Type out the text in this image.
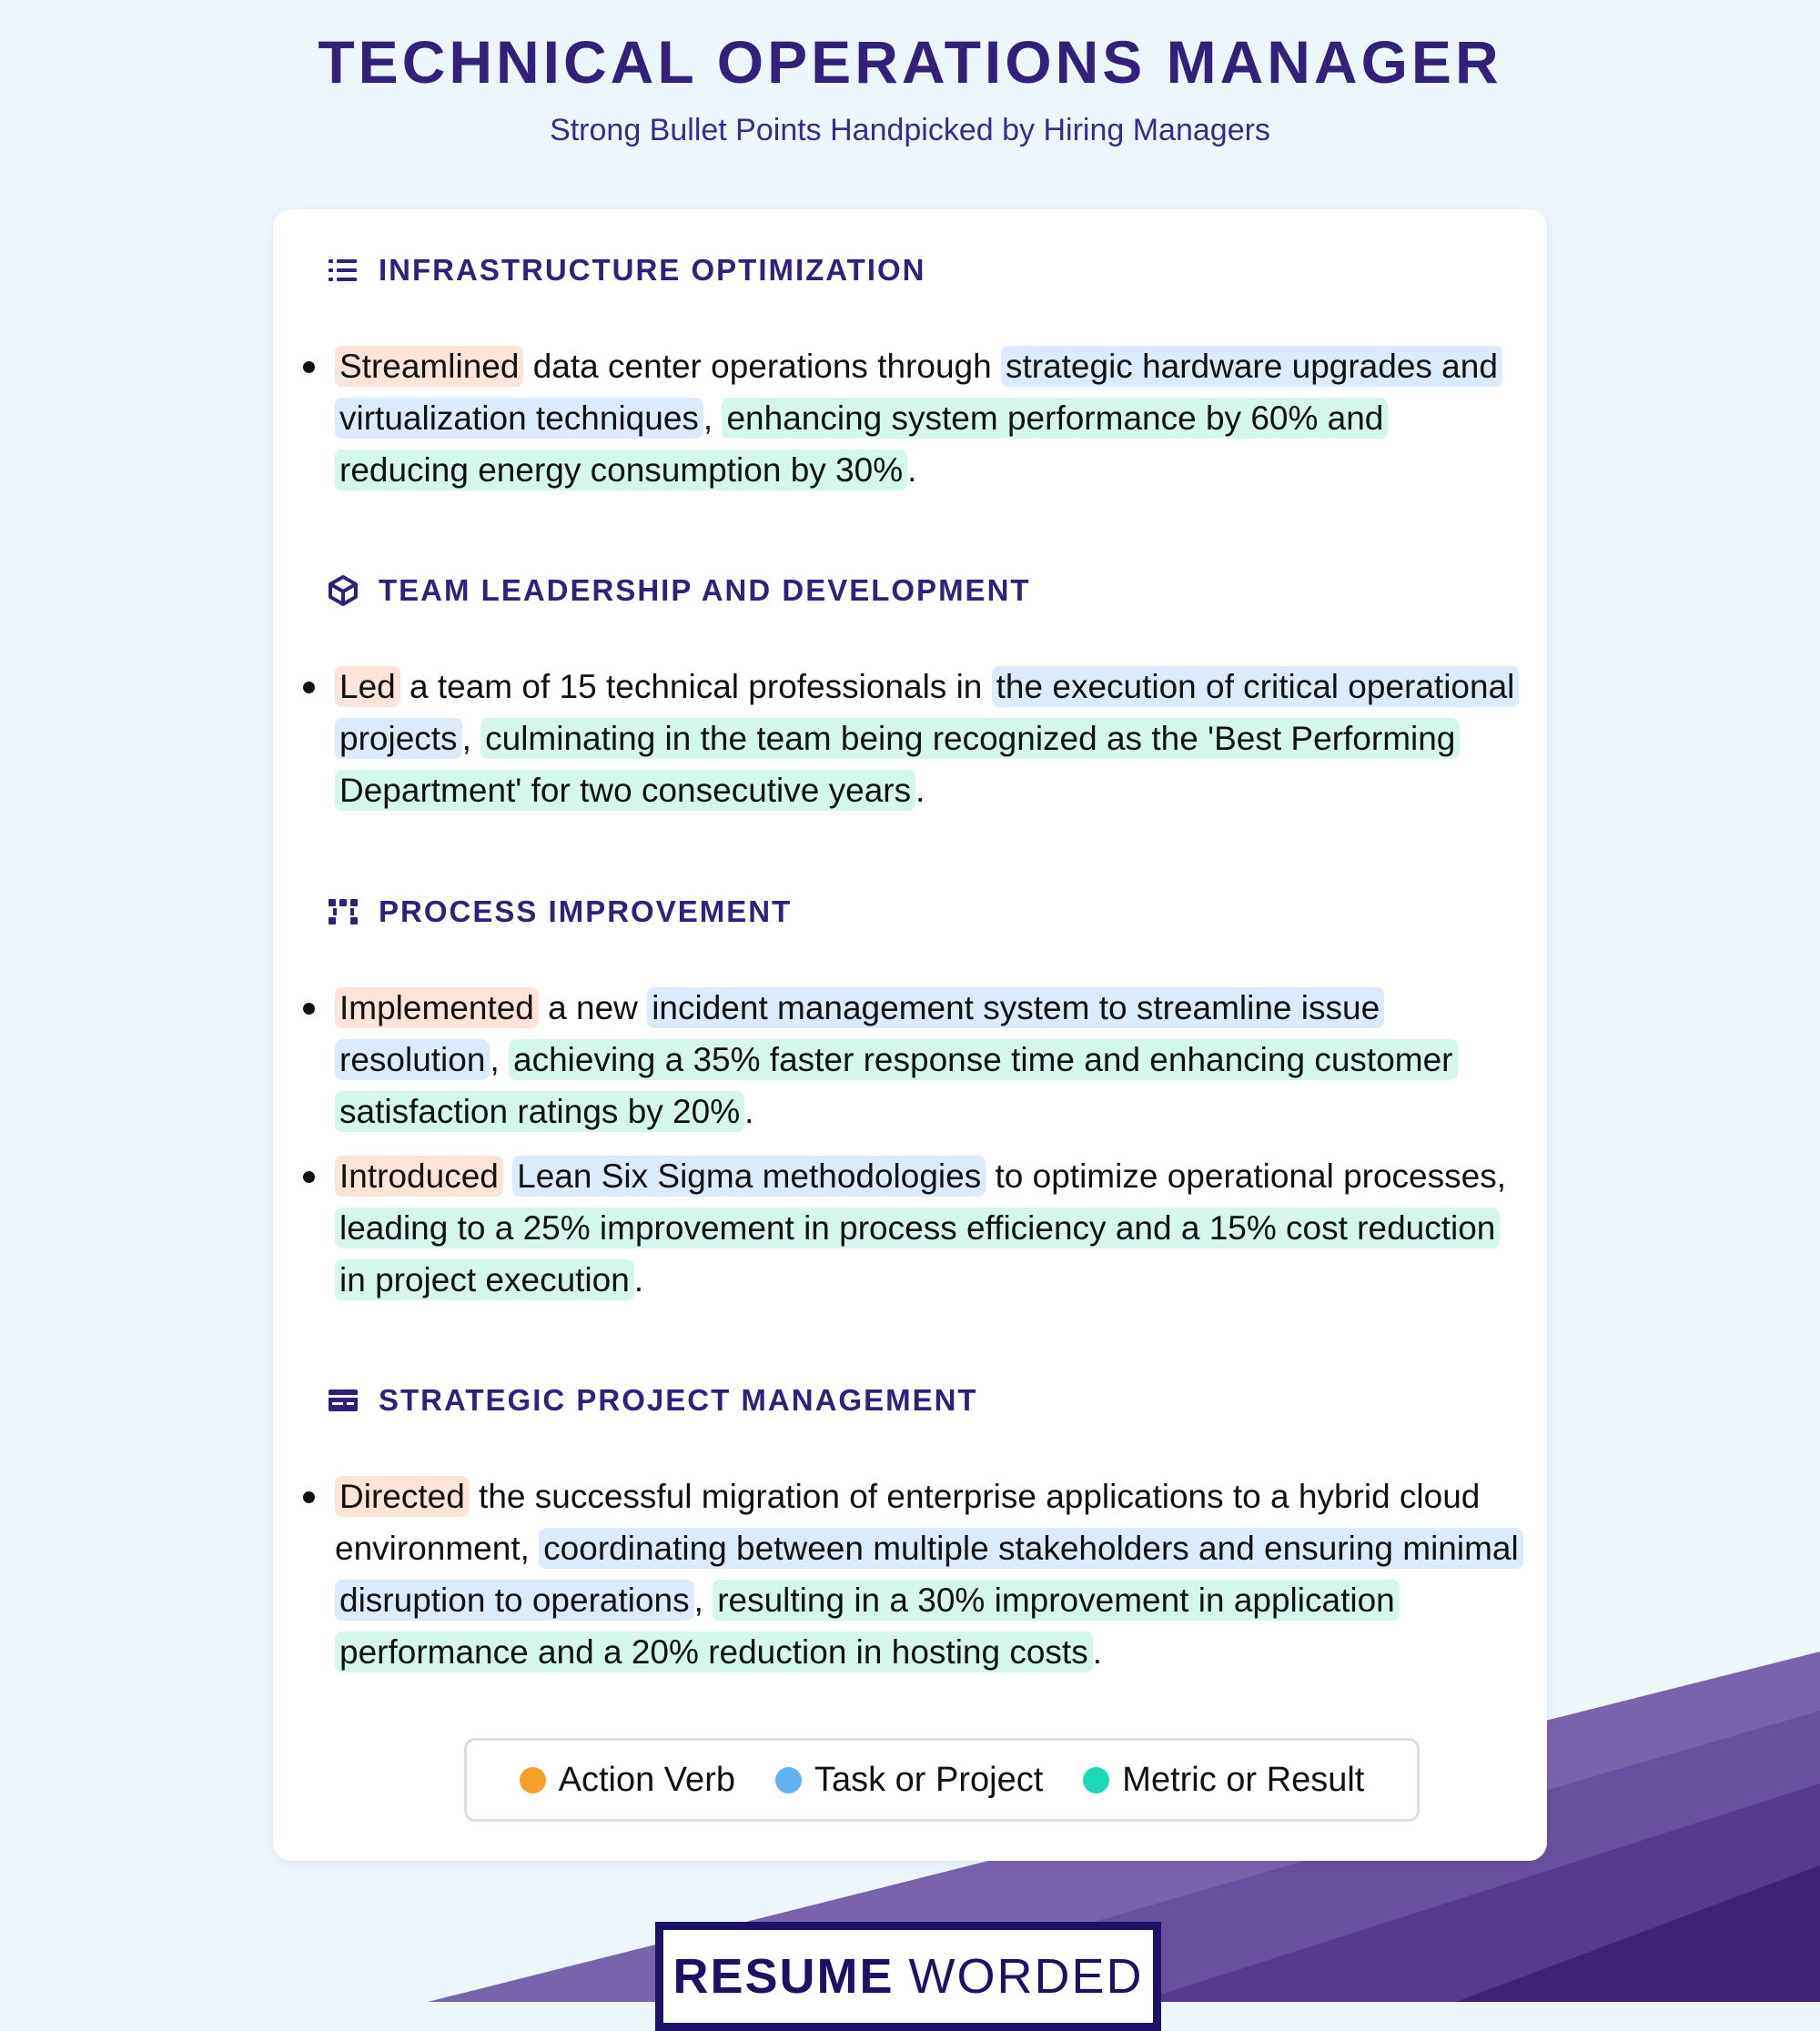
TECHNICAL OPERATIONS MANAGER

Strong Bullet Points Handpicked by Hiring Managers

INFRASTRUCTURE OPTIMIZATION
Streamlined data center operations through strategic hardware upgrades and virtualization techniques , enhancing system performance by 60% and reducing energy consumption by 30% .
TEAM LEADERSHIP AND DEVELOPMENT
Led a team of 15 technical professionals in the execution of critical operational projects , culminating in the team being recognized as the 'Best Performing Department' for two consecutive years .
PROCESS IMPROVEMENT
Implemented a new incident management system to streamline issue resolution , achieving a 35% faster response time and enhancing customer satisfaction ratings by 20% .
Introduced Lean Six Sigma methodologies to optimize operational processes, leading to a 25% improvement in process efficiency and a 15% cost reduction in project execution .
STRATEGIC PROJECT MANAGEMENT
Directed the successful migration of enterprise applications to a hybrid cloud environment, coordinating between multiple stakeholders and ensuring minimal disruption to operations , resulting in a 30% improvement in application performance and a 20% reduction in hosting costs .
Action Verb Task or Project Metric or Result
RESUME WORDED
